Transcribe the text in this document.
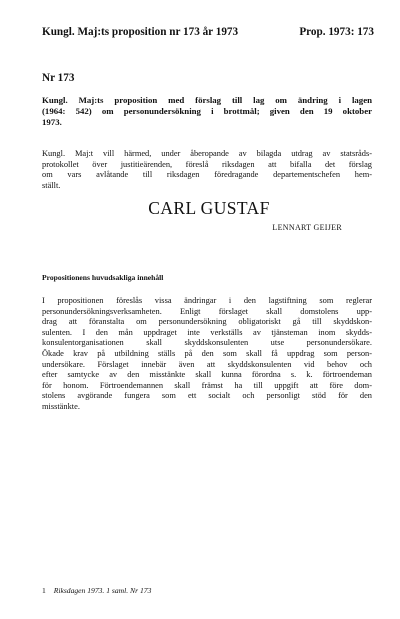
Kungl. Maj:ts proposition nr 173 år 1973	Prop. 1973: 173
Nr 173
Kungl. Maj:ts proposition med förslag till lag om ändring i lagen
(1964: 542) om personundersökning i brottmål; given den 19 oktober
1973.
Kungl. Maj:t vill härmed, under åberopande av bilagda utdrag av statsråds-
protokollet över justitieärenden, föreslå riksdagen att bifalla det förslag
om vars avlåtande till riksdagen föredragande departementschefen hem-
ställt.
CARL GUSTAF
LENNART GEIJER
Propositionens huvudsakliga innehåll
I propositionen föreslås vissa ändringar i den lagstiftning som reglerar
personundersökningsverksamheten. Enligt förslaget skall domstolens upp-
drag att föranstalta om personundersökning obligatoriskt gå till skyddskon-
sulenten. I den mån uppdraget inte verkställs av tjänsteman inom skydds-
konsulentorganisationen skall skyddskonsulenten utse personundersökare.
Ökade krav på utbildning ställs på den som skall få uppdrag som person-
undersökare. Förslaget innebär även att skyddskonsulenten vid behov och
efter samtycke av den misstänkte skall kunna förordna s. k. förtroendeman
för honom. Förtroendemannen skall främst ha till uppgift att före dom-
stolens avgörande fungera som ett socialt och personligt stöd för den
misstänkte.
1 Riksdagen 1973. 1 saml. Nr 173
